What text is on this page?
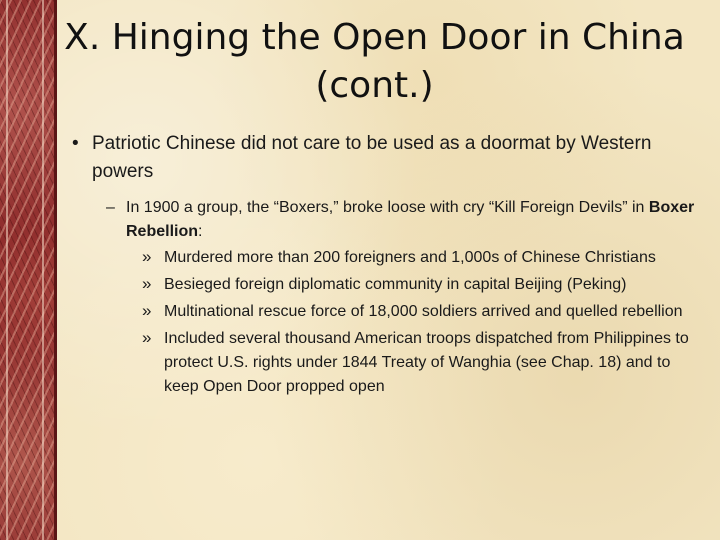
X. Hinging the Open Door in China
(cont.)
• Patriotic Chinese did not care to be used as a doormat by Western powers
– In 1900 a group, the “Boxers,” broke loose with cry “Kill Foreign Devils” in Boxer Rebellion:
» Murdered more than 200 foreigners and 1,000s of Chinese Christians
» Besieged foreign diplomatic community in capital Beijing (Peking)
» Multinational rescue force of 18,000 soldiers arrived and quelled rebellion
» Included several thousand American troops dispatched from Philippines to protect U.S. rights under 1844 Treaty of Wanghia (see Chap. 18) and to keep Open Door propped open
